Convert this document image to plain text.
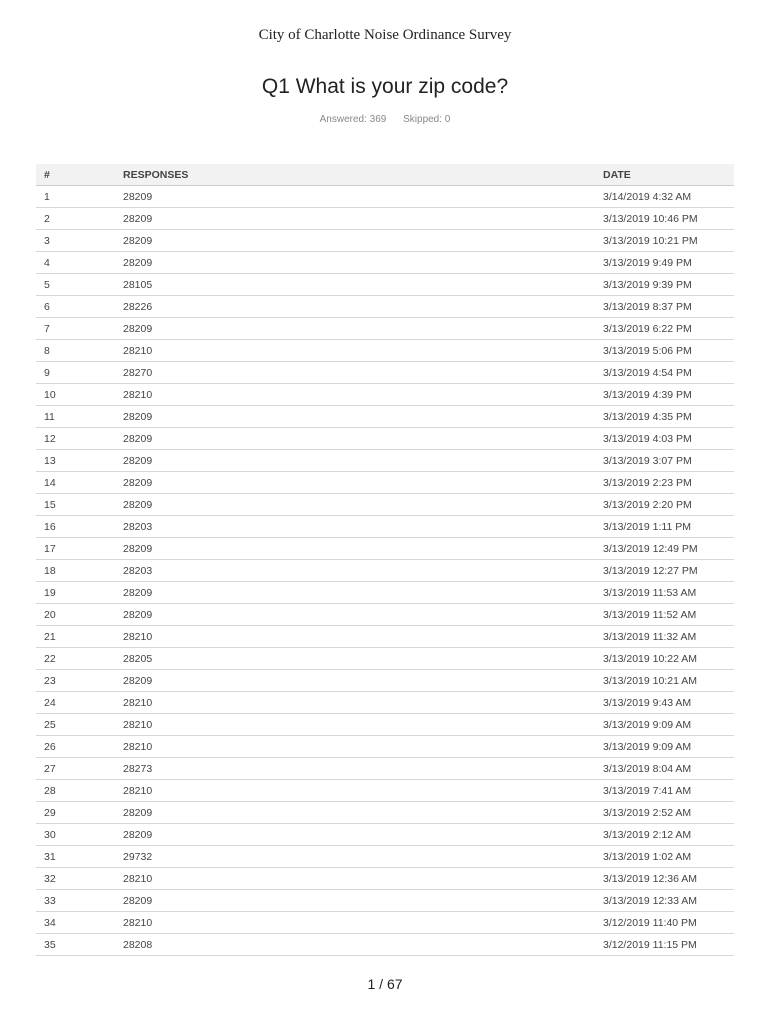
City of Charlotte Noise Ordinance Survey
Q1 What is your zip code?
Answered: 369 Skipped: 0
#	RESPONSES	DATE
1	28209	3/14/2019 4:32 AM
2	28209	3/13/2019 10:46 PM
3	28209	3/13/2019 10:21 PM
4	28209	3/13/2019 9:49 PM
5	28105	3/13/2019 9:39 PM
6	28226	3/13/2019 8:37 PM
7	28209	3/13/2019 6:22 PM
8	28210	3/13/2019 5:06 PM
9	28270	3/13/2019 4:54 PM
10	28210	3/13/2019 4:39 PM
11	28209	3/13/2019 4:35 PM
12	28209	3/13/2019 4:03 PM
13	28209	3/13/2019 3:07 PM
14	28209	3/13/2019 2:23 PM
15	28209	3/13/2019 2:20 PM
16	28203	3/13/2019 1:11 PM
17	28209	3/13/2019 12:49 PM
18	28203	3/13/2019 12:27 PM
19	28209	3/13/2019 11:53 AM
20	28209	3/13/2019 11:52 AM
21	28210	3/13/2019 11:32 AM
22	28205	3/13/2019 10:22 AM
23	28209	3/13/2019 10:21 AM
24	28210	3/13/2019 9:43 AM
25	28210	3/13/2019 9:09 AM
26	28210	3/13/2019 9:09 AM
27	28273	3/13/2019 8:04 AM
28	28210	3/13/2019 7:41 AM
29	28209	3/13/2019 2:52 AM
30	28209	3/13/2019 2:12 AM
31	29732	3/13/2019 1:02 AM
32	28210	3/13/2019 12:36 AM
33	28209	3/13/2019 12:33 AM
34	28210	3/12/2019 11:40 PM
35	28208	3/12/2019 11:15 PM
1 / 67
